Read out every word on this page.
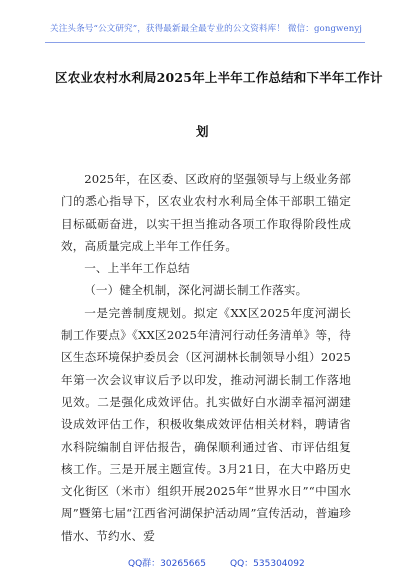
关注头条号“公文研究”，获得最新最全最专业的公文资料库！ 微信：gongwenyj
区农业农村水利局2025年上半年工作总结和下半年工作计
划

2025年，在区委、区政府的坚强领导与上级业务部门的悉心指导下，区农业农村水利局全体干部职工锚定目标砥砺奋进，以实干担当推动各项工作取得阶段性成效，高质量完成上半年工作任务。

一、上半年工作总结

（一）健全机制，深化河湖长制工作落实。

一是完善制度规划。拟定《XX区2025年度河湖长制工作要点》《XX区2025年清河行动任务清单》等，待区生态环境保护委员会（区河湖林长制领导小组）2025年第一次会议审议后予以印发，推动河湖长制工作落地见效。二是强化成效评估。扎实做好白水湖幸福河湖建设成效评估工作，积极收集成效评估相关材料，聘请省水科院编制自评估报告，确保顺利通过省、市评估组复核工作。三是开展主题宣传。3月21日，在大中路历史文化街区（米市）组织开展2025年“世界水日”“中国水周”暨第七届“江西省河湖保护活动周”宣传活动，普遍珍惜水、节约水、爱

QQ群：30265665	QQ：535304092
